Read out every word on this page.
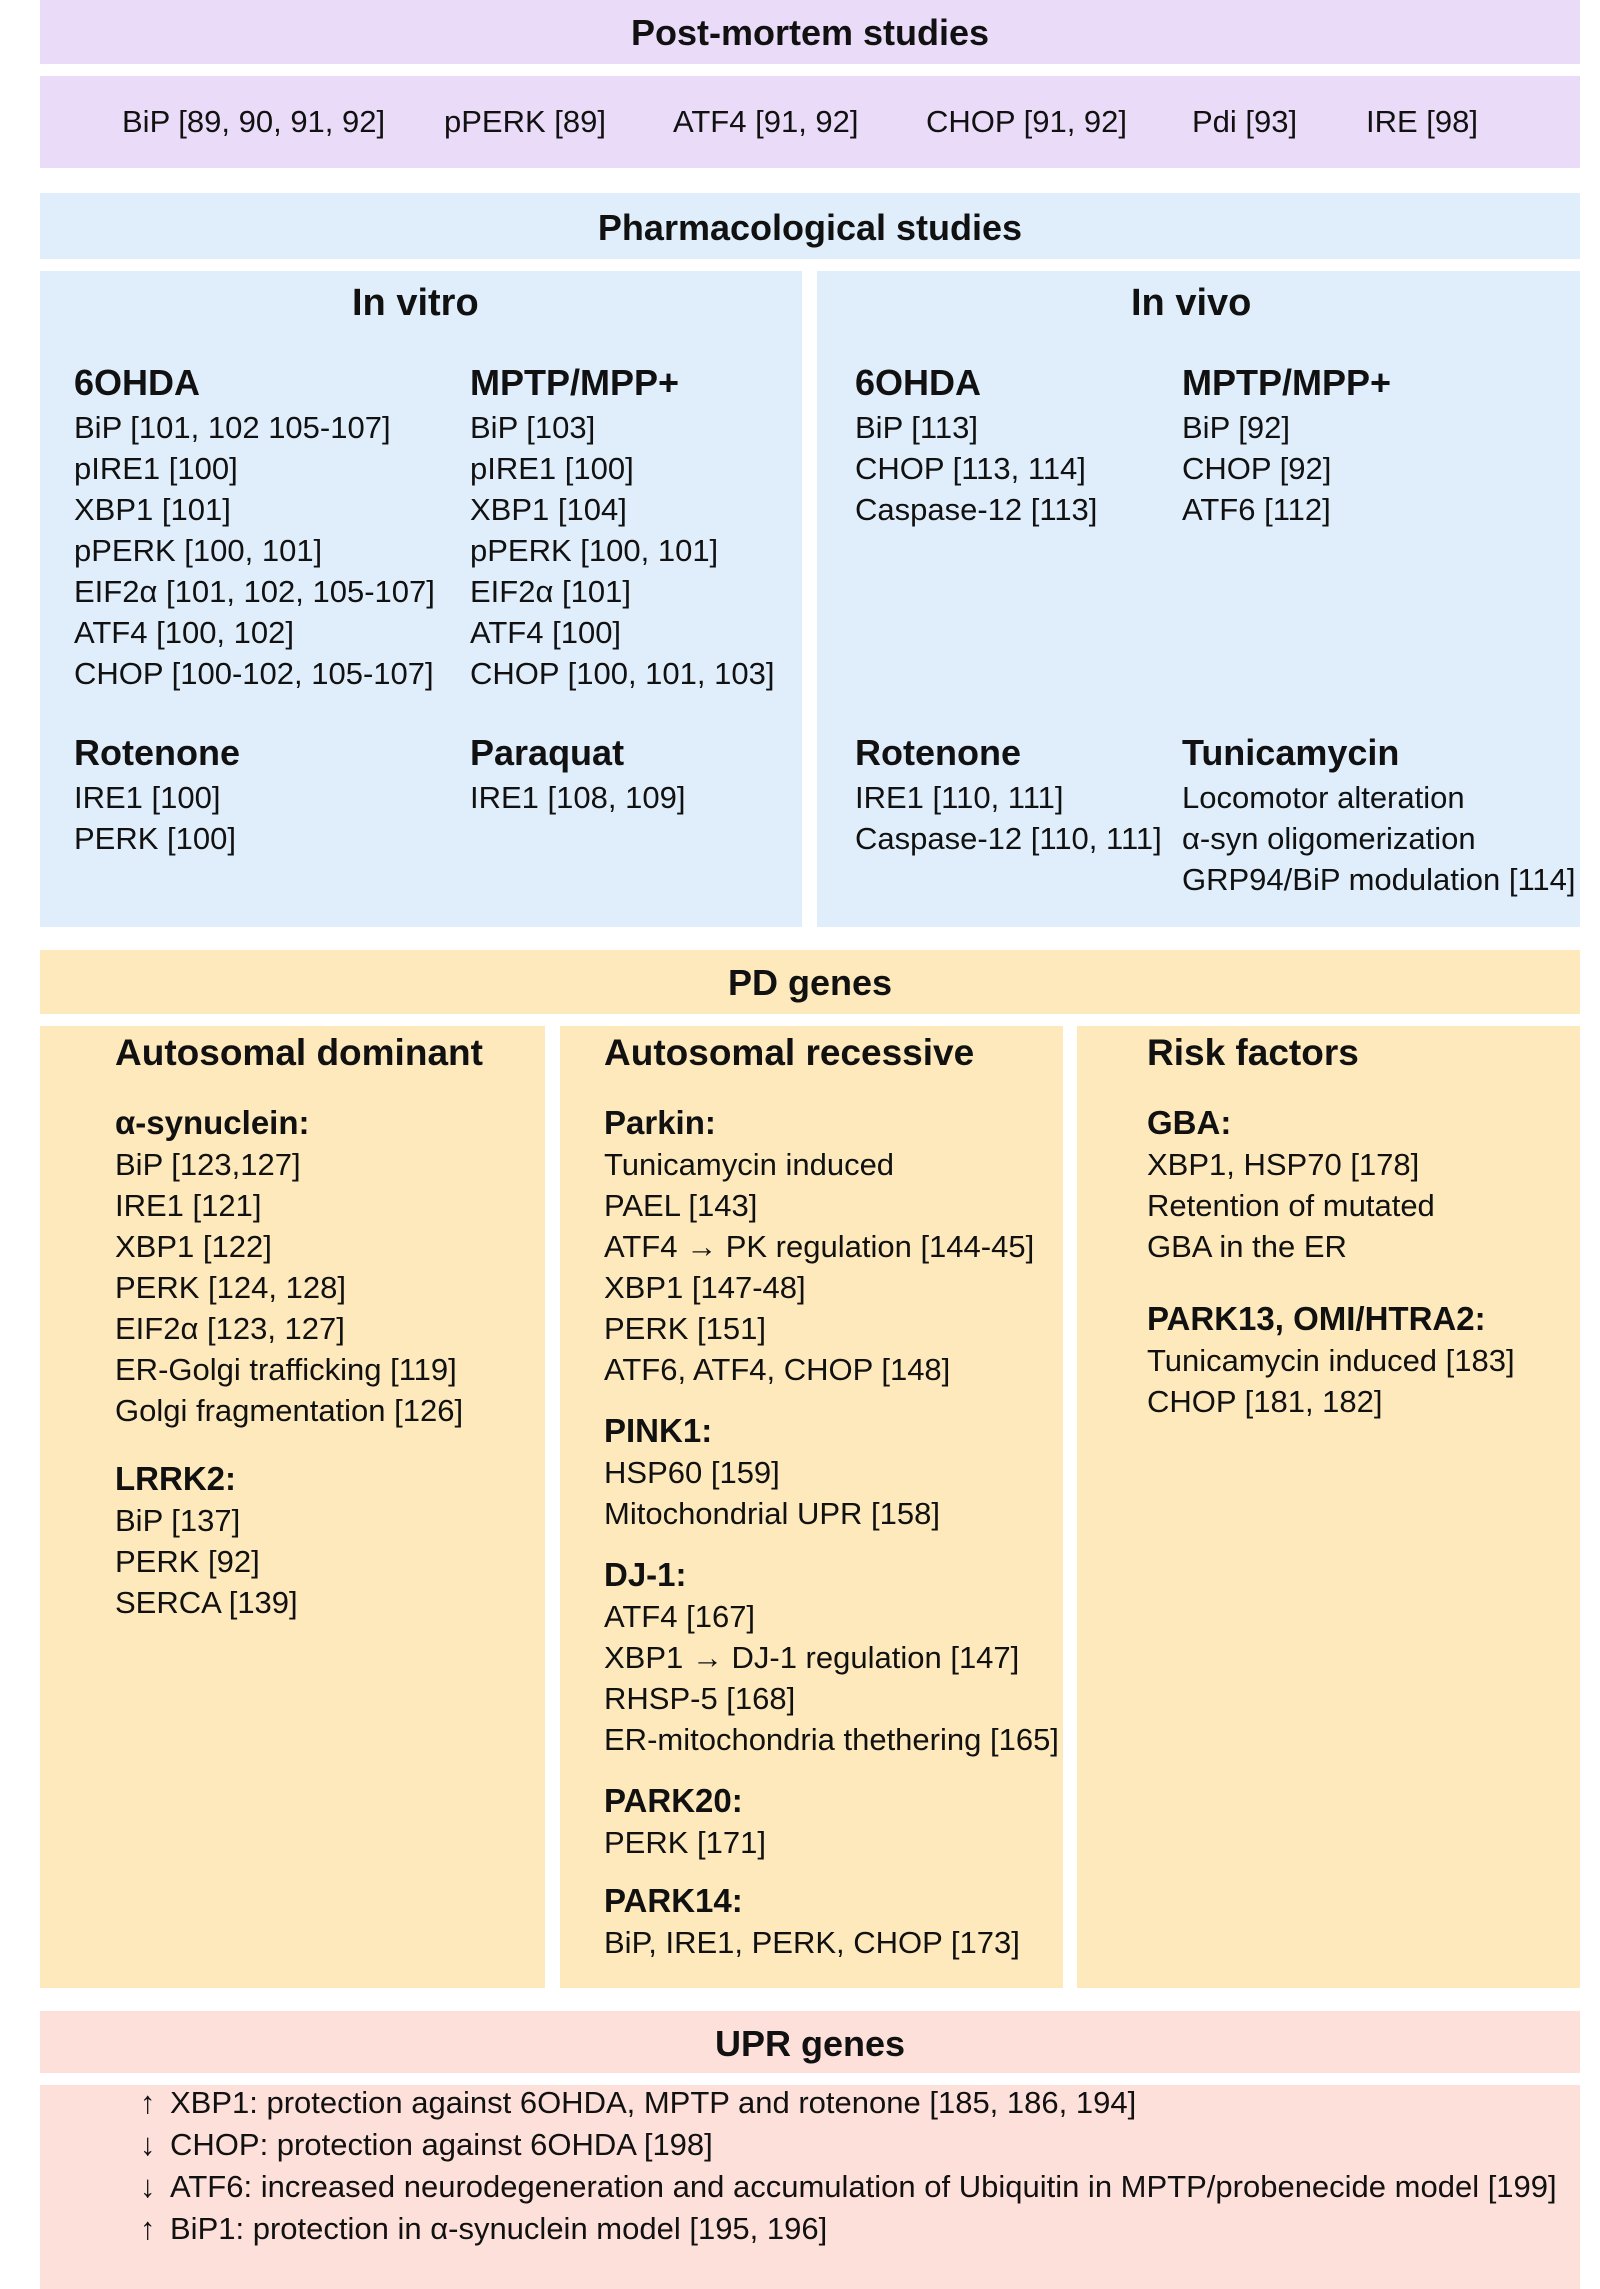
Post-mortem studies
BiP [89, 90, 91, 92] pPERK [89] ATF4 [91, 92] CHOP [91, 92] Pdi [93] IRE [98]
Pharmacological studies
In vitro	In vivo
6OHDA
BiP [101, 102 105-107]
pIRE1 [100]
XBP1 [101]
pPERK [100, 101]
EIF2α [101, 102, 105-107]
ATF4 [100, 102]
CHOP [100-102, 105-107]
MPTP/MPP+
BiP [103]
pIRE1 [100]
XBP1 [104]
pPERK [100, 101]
EIF2α [101]
ATF4 [100]
CHOP [100, 101, 103]
Rotenone
IRE1 [100]
PERK [100]
Paraquat
IRE1 [108, 109]
6OHDA
BiP [113]
CHOP [113, 114]
Caspase-12 [113]
MPTP/MPP+
BiP [92]
CHOP [92]
ATF6 [112]
Rotenone
IRE1 [110, 111]
Caspase-12 [110, 111]
Tunicamycin
Locomotor alteration
α-syn oligomerization
GRP94/BiP modulation [114]
PD genes
Autosomal dominant	Autosomal recessive	Risk factors
α-synuclein:
BiP [123,127]
IRE1 [121]
XBP1 [122]
PERK [124, 128]
EIF2α [123, 127]
ER-Golgi trafficking [119]
Golgi fragmentation [126]
LRRK2:
BiP [137]
PERK [92]
SERCA [139]
Parkin:
Tunicamycin induced
PAEL [143]
ATF4 → PK regulation [144-45]
XBP1 [147-48]
PERK [151]
ATF6, ATF4, CHOP [148]
PINK1:
HSP60 [159]
Mitochondrial UPR [158]
DJ-1:
ATF4 [167]
XBP1 → DJ-1 regulation [147]
RHSP-5 [168]
ER-mitochondria thethering [165]
PARK20:
PERK [171]
PARK14:
BiP, IRE1, PERK, CHOP [173]
GBA:
XBP1, HSP70 [178]
Retention of mutated
GBA in the ER
PARK13, OMI/HTRA2:
Tunicamycin induced [183]
CHOP [181, 182]
UPR genes
↑ XBP1: protection against 6OHDA, MPTP and rotenone [185, 186, 194]
↓ CHOP: protection against 6OHDA [198]
↓ ATF6: increased neurodegeneration and accumulation of Ubiquitin in MPTP/probenecide model [199]
↑ BiP1: protection in α-synuclein model [195, 196]
